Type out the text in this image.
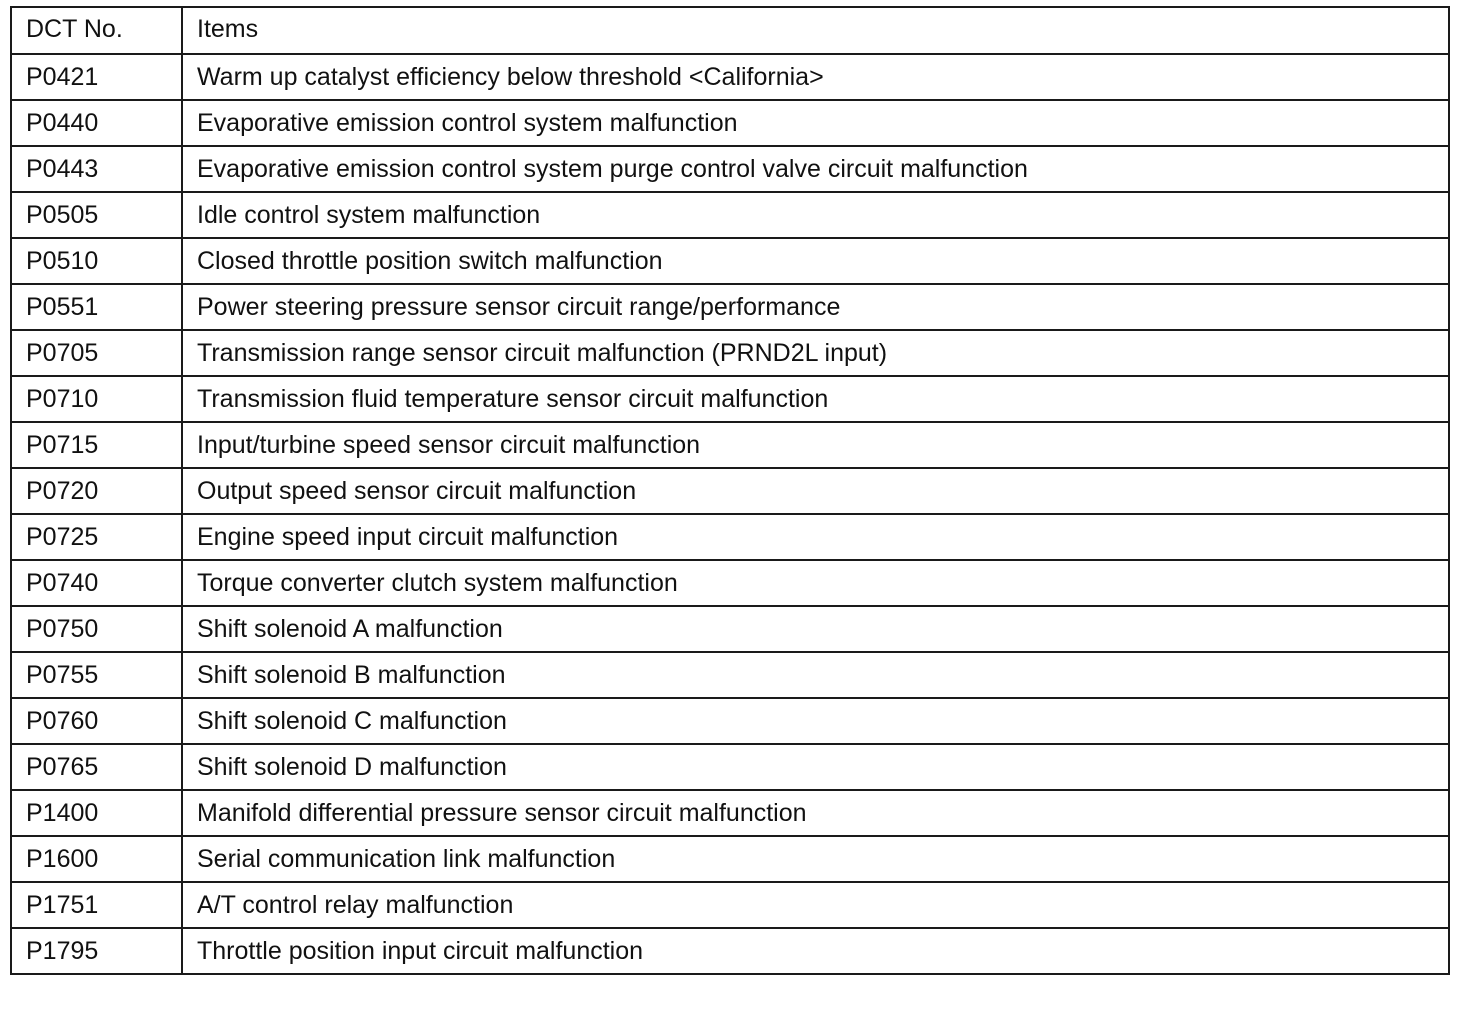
DCT No.	Items
P0421	Warm up catalyst efficiency below threshold <California>
P0440	Evaporative emission control system malfunction
P0443	Evaporative emission control system purge control valve circuit malfunction
P0505	Idle control system malfunction
P0510	Closed throttle position switch malfunction
P0551	Power steering pressure sensor circuit range/performance
P0705	Transmission range sensor circuit malfunction (PRND2L input)
P0710	Transmission fluid temperature sensor circuit malfunction
P0715	Input/turbine speed sensor circuit malfunction
P0720	Output speed sensor circuit malfunction
P0725	Engine speed input circuit malfunction
P0740	Torque converter clutch system malfunction
P0750	Shift solenoid A malfunction
P0755	Shift solenoid B malfunction
P0760	Shift solenoid C malfunction
P0765	Shift solenoid D malfunction
P1400	Manifold differential pressure sensor circuit malfunction
P1600	Serial communication link malfunction
P1751	A/T control relay malfunction
P1795	Throttle position input circuit malfunction
